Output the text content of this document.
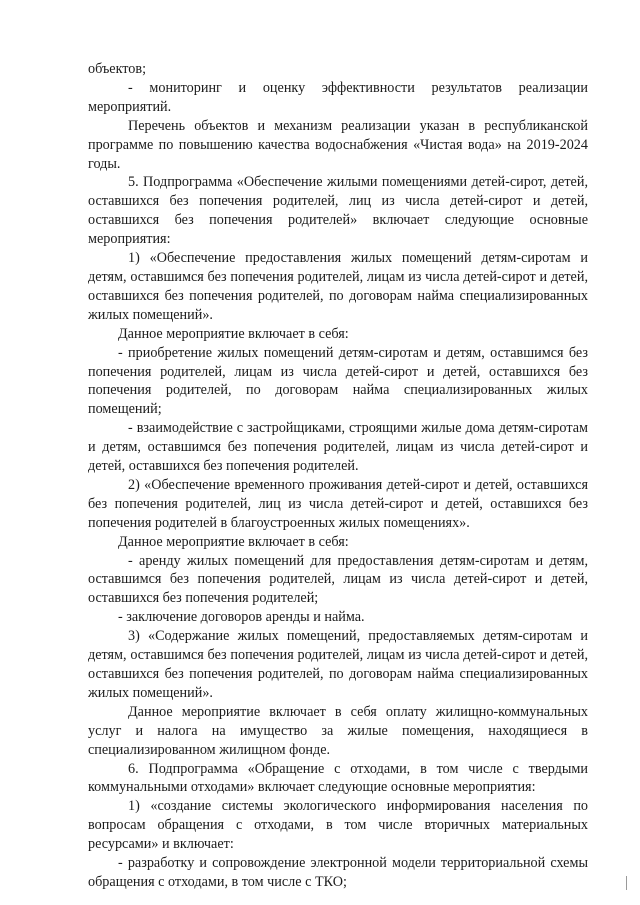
объектов;

- мониторинг и оценку эффективности результатов реализации мероприятий.

Перечень объектов и механизм реализации указан в республиканской программе по повышению качества водоснабжения «Чистая вода» на 2019-2024 годы.

5. Подпрограмма «Обеспечение жилыми помещениями детей-сирот, детей, оставшихся без попечения родителей, лиц из числа детей-сирот и детей, оставшихся без попечения родителей» включает следующие основные мероприятия:

1) «Обеспечение предоставления жилых помещений детям-сиротам и детям, оставшимся без попечения родителей, лицам из числа детей-сирот и детей, оставшихся без попечения родителей, по договорам найма специализированных жилых помещений».

Данное мероприятие включает в себя:

- приобретение жилых помещений детям-сиротам и детям, оставшимся без попечения родителей, лицам из числа детей-сирот и детей, оставшихся без попечения родителей, по договорам найма специализированных жилых помещений;

- взаимодействие с застройщиками, строящими жилые дома детям-сиротам и детям, оставшимся без попечения родителей, лицам из числа детей-сирот и детей, оставшихся без попечения родителей.

2) «Обеспечение временного проживания детей-сирот и детей, оставшихся без попечения родителей, лиц из числа детей-сирот и детей, оставшихся без попечения родителей в благоустроенных жилых помещениях».

Данное мероприятие включает в себя:

- аренду жилых помещений для предоставления детям-сиротам и детям, оставшимся без попечения родителей, лицам из числа детей-сирот и детей, оставшихся без попечения родителей;

- заключение договоров аренды и найма.

3) «Содержание жилых помещений, предоставляемых детям-сиротам и детям, оставшимся без попечения родителей, лицам из числа детей-сирот и детей, оставшихся без попечения родителей, по договорам найма специализированных жилых помещений».

Данное мероприятие включает в себя оплату жилищно-коммунальных услуг и налога на имущество за жилые помещения, находящиеся в специализированном жилищном фонде.

6. Подпрограмма «Обращение с отходами, в том числе с твердыми коммунальными отходами» включает следующие основные мероприятия:

1) «создание системы экологического информирования населения по вопросам обращения с отходами, в том числе вторичных материальных ресурсами» и включает:

- разработку и сопровождение электронной модели территориальной схемы обращения с отходами, в том числе с ТКО;
